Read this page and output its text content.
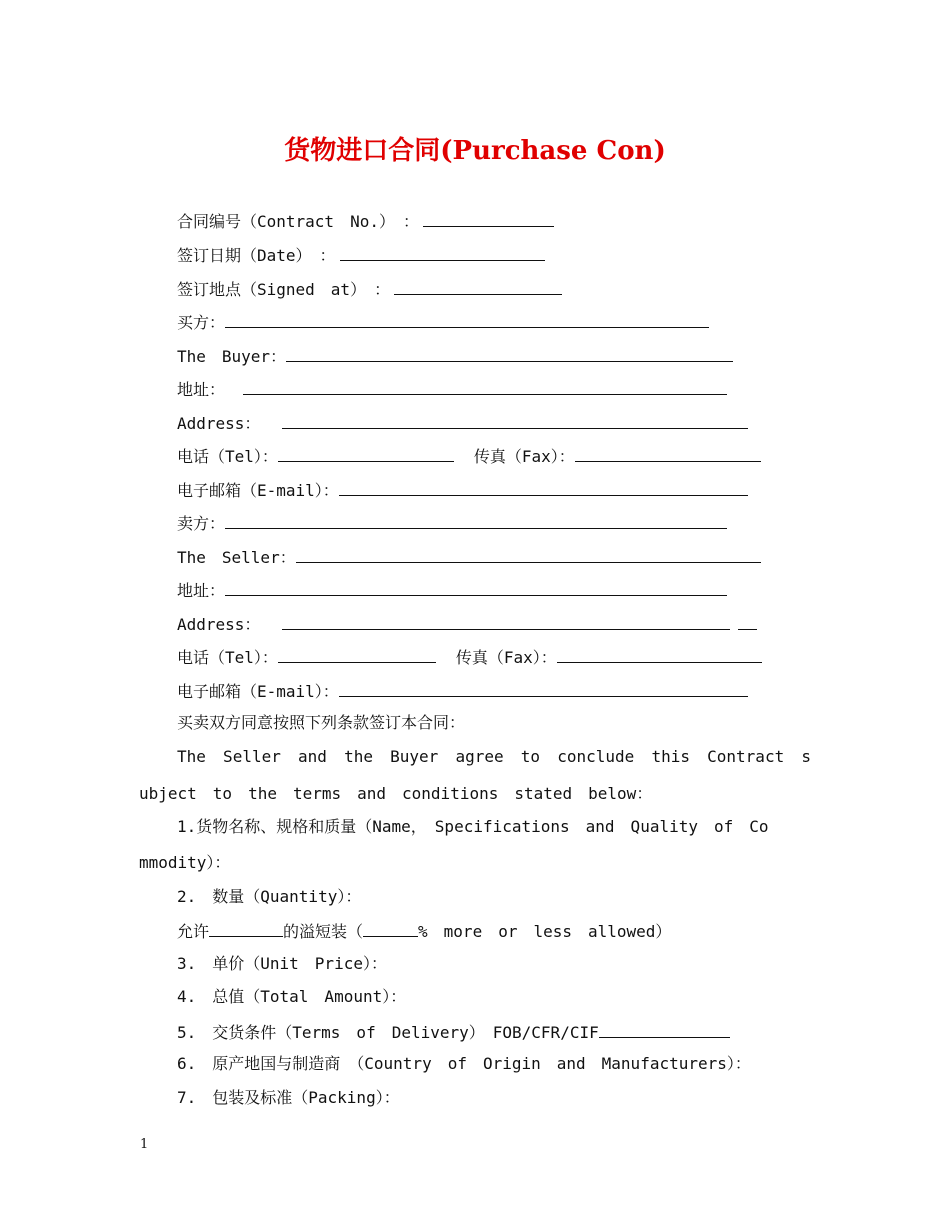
货物进口合同(Purchase Con)
合同编号（Contract　No.）　：
签订日期（Date）　：
签订地点（Signed　at）　：
买方：
The　Buyer：
地址：
Address：
电话（Tel）：	传真（Fax）：
电子邮箱（E-mail）：
卖方：
The　Seller：
地址：
Address：
电话（Tel）：	传真（Fax）：
电子邮箱（E-mail）：
买卖双方同意按照下列条款签订本合同：
The Seller and the Buyer agree to conclude this Contract s
ubject　to　the　terms　and　conditions　stated　below：
1.货物名称、规格和质量（Name，　Specifications　and　Quality　of　Co
mmodity）：
2.　数量（Quantity）：
允许	的溢短装（	%　more　or　less　allowed）
3.　单价（Unit　Price）：
4.　总值（Total　Amount）：
5.　交货条件（Terms　of　Delivery）　FOB/CFR/CIF
6.　原产地国与制造商　（Country　of　Origin　and　Manufacturers）：
7.　包装及标准（Packing）：
1
